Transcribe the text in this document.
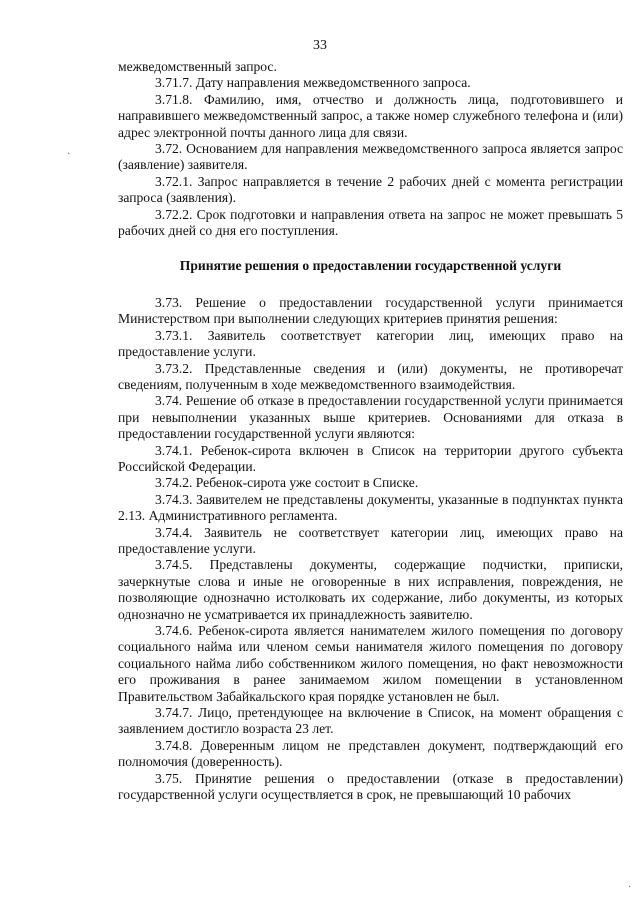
33
·
·

межведомственный запрос.

3.71.7. Дату направления межведомственного запроса.

3.71.8. Фамилию, имя, отчество и должность лица, подготовившего и направившего межведомственный запрос, а также номер служебного телефона и (или) адрес электронной почты данного лица для связи.

3.72. Основанием для направления межведомственного запроса является запрос (заявление) заявителя.

3.72.1. Запрос направляется в течение 2 рабочих дней с момента регистрации запроса (заявления).

3.72.2. Срок подготовки и направления ответа на запрос не может превышать 5 рабочих дней со дня его поступления.

Принятие решения о предоставлении государственной услуги

3.73. Решение о предоставлении государственной услуги принимается Министерством при выполнении следующих критериев принятия решения:

3.73.1. Заявитель соответствует категории лиц, имеющих право на предоставление услуги.

3.73.2. Представленные сведения и (или) документы, не противоречат сведениям, полученным в ходе межведомственного взаимодействия.

3.74. Решение об отказе в предоставлении государственной услуги принимается при невыполнении указанных выше критериев. Основаниями для отказа в предоставлении государственной услуги являются:

3.74.1. Ребенок-сирота включен в Список на территории другого субъекта Российской Федерации.

3.74.2. Ребенок-сирота уже состоит в Списке.

3.74.3. Заявителем не представлены документы, указанные в подпунктах пункта 2.13. Административного регламента.

3.74.4. Заявитель не соответствует категории лиц, имеющих право на предоставление услуги.

3.74.5. Представлены документы, содержащие подчистки, приписки, зачеркнутые слова и иные не оговоренные в них исправления, повреждения, не позволяющие однозначно истолковать их содержание, либо документы, из которых однозначно не усматривается их принадлежность заявителю.

3.74.6. Ребенок-сирота является нанимателем жилого помещения по договору социального найма или членом семьи нанимателя жилого помещения по договору социального найма либо собственником жилого помещения, но факт невозможности его проживания в ранее занимаемом жилом помещении в установленном Правительством Забайкальского края порядке установлен не был.

3.74.7. Лицо, претендующее на включение в Список, на момент обращения с заявлением достигло возраста 23 лет.

3.74.8. Доверенным лицом не представлен документ, подтверждающий его полномочия (доверенность).

3.75. Принятие решения о предоставлении (отказе в предоставлении) государственной услуги осуществляется в срок, не превышающий 10 рабочих
